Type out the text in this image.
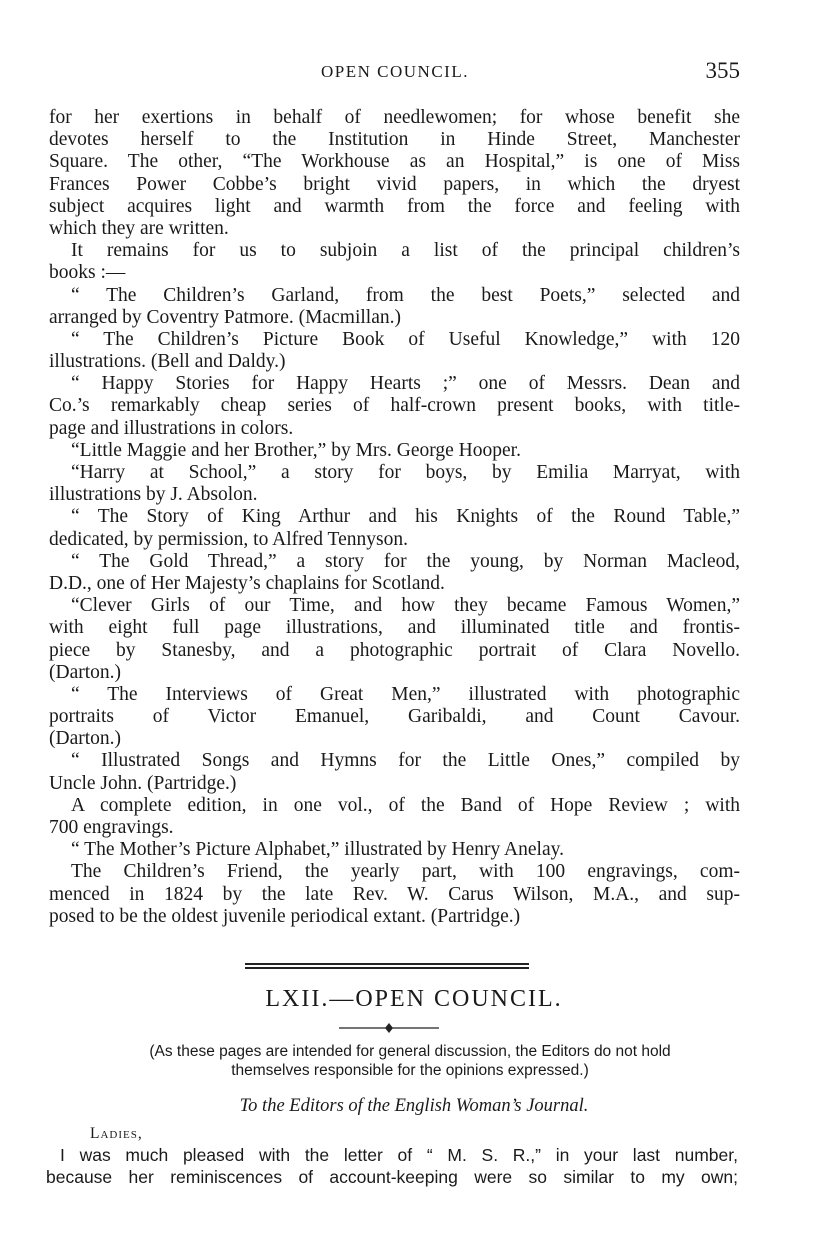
OPEN COUNCIL.	355
for her exertions in behalf of needlewomen; for whose benefit she
devotes herself to the Institution in Hinde Street, Manchester
Square. The other, “The Workhouse as an Hospital,” is one of Miss
Frances Power Cobbe’s bright vivid papers, in which the dryest
subject acquires light and warmth from the force and feeling with
which they are written.
It remains for us to subjoin a list of the principal children’s
books :—
“ The Children’s Garland, from the best Poets,” selected and
arranged by Coventry Patmore. (Macmillan.)
“ The Children’s Picture Book of Useful Knowledge,” with 120
illustrations. (Bell and Daldy.)
“ Happy Stories for Happy Hearts ;” one of Messrs. Dean and
Co.’s remarkably cheap series of half-crown present books, with title-
page and illustrations in colors.
“Little Maggie and her Brother,” by Mrs. George Hooper.
“Harry at School,” a story for boys, by Emilia Marryat, with
illustrations by J. Absolon.
“ The Story of King Arthur and his Knights of the Round Table,”
dedicated, by permission, to Alfred Tennyson.
“ The Gold Thread,” a story for the young, by Norman Macleod,
D.D., one of Her Majesty’s chaplains for Scotland.
“Clever Girls of our Time, and how they became Famous Women,”
with eight full page illustrations, and illuminated title and frontis-
piece by Stanesby, and a photographic portrait of Clara Novello.
(Darton.)
“ The Interviews of Great Men,” illustrated with photographic
portraits of Victor Emanuel, Garibaldi, and Count Cavour.
(Darton.)
“ Illustrated Songs and Hymns for the Little Ones,” compiled by
Uncle John. (Partridge.)
A complete edition, in one vol., of the Band of Hope Review ; with
700 engravings.
“ The Mother’s Picture Alphabet,” illustrated by Henry Anelay.
The Children’s Friend, the yearly part, with 100 engravings, com-
menced in 1824 by the late Rev. W. Carus Wilson, M.A., and sup-
posed to be the oldest juvenile periodical extant. (Partridge.)
LXII.—OPEN COUNCIL.
(As these pages are intended for general discussion, the Editors do not hold
themselves responsible for the opinions expressed.)
To the Editors of the English Woman’s Journal.
Ladies,
I was much pleased with the letter of “ M. S. R.,” in your last number,
because her reminiscences of account-keeping were so similar to my own;
